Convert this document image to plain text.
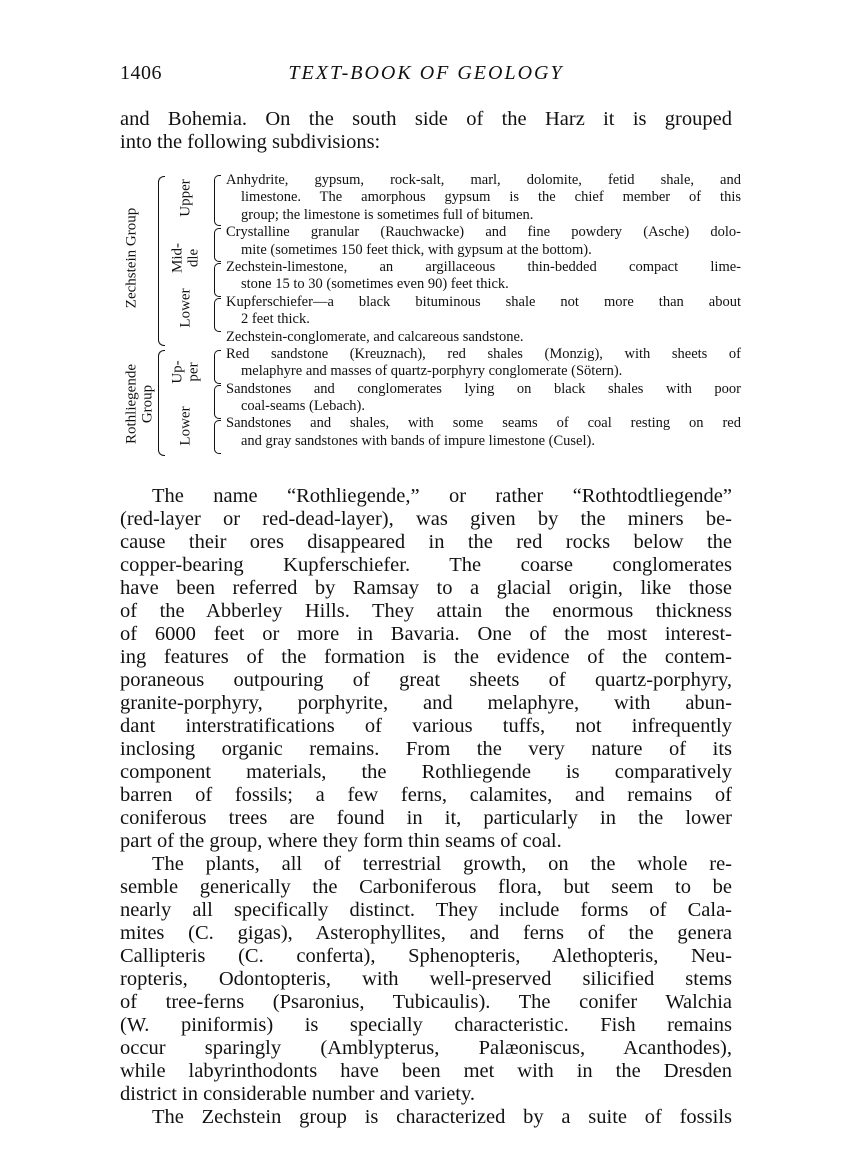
1406	TEXT-BOOK OF GEOLOGY
and Bohemia. On the south side of the Harz it is grouped
into the following subdivisions:
Zechstein Group
Rothliegende Group
Upper
Mid- dle
Lower
Up- per
Lower
Anhydrite, gypsum, rock-salt, marl, dolomite, fetid shale, and
limestone. The amorphous gypsum is the chief member of this
group; the limestone is sometimes full of bitumen.
Crystalline granular (Rauchwacke) and fine powdery (Asche) dolo-
mite (sometimes 150 feet thick, with gypsum at the bottom).
Zechstein-limestone, an argillaceous thin-bedded compact lime-
stone 15 to 30 (sometimes even 90) feet thick.
Kupferschiefer—a black bituminous shale not more than about
2 feet thick.
Zechstein-conglomerate, and calcareous sandstone.
Red sandstone (Kreuznach), red shales (Monzig), with sheets of
melaphyre and masses of quartz-porphyry conglomerate (Sötern).
Sandstones and conglomerates lying on black shales with poor
coal-seams (Lebach).
Sandstones and shales, with some seams of coal resting on red
and gray sandstones with bands of impure limestone (Cusel).
The name “Rothliegende,” or rather “Rothtodtliegende”
(red-layer or red-dead-layer), was given by the miners be-
cause their ores disappeared in the red rocks below the
copper-bearing Kupferschiefer. The coarse conglomerates
have been referred by Ramsay to a glacial origin, like those
of the Abberley Hills. They attain the enormous thickness
of 6000 feet or more in Bavaria. One of the most interest-
ing features of the formation is the evidence of the contem-
poraneous outpouring of great sheets of quartz-porphyry,
granite-porphyry, porphyrite, and melaphyre, with abun-
dant interstratifications of various tuffs, not infrequently
inclosing organic remains. From the very nature of its
component materials, the Rothliegende is comparatively
barren of fossils; a few ferns, calamites, and remains of
coniferous trees are found in it, particularly in the lower
part of the group, where they form thin seams of coal.
The plants, all of terrestrial growth, on the whole re-
semble generically the Carboniferous flora, but seem to be
nearly all specifically distinct. They include forms of Cala-
mites (C. gigas), Asterophyllites, and ferns of the genera
Callipteris (C. conferta), Sphenopteris, Alethopteris, Neu-
ropteris, Odontopteris, with well-preserved silicified stems
of tree-ferns (Psaronius, Tubicaulis). The conifer Walchia
(W. piniformis) is specially characteristic. Fish remains
occur sparingly (Amblypterus, Palæoniscus, Acanthodes),
while labyrinthodonts have been met with in the Dresden
district in considerable number and variety.
The Zechstein group is characterized by a suite of fossils
